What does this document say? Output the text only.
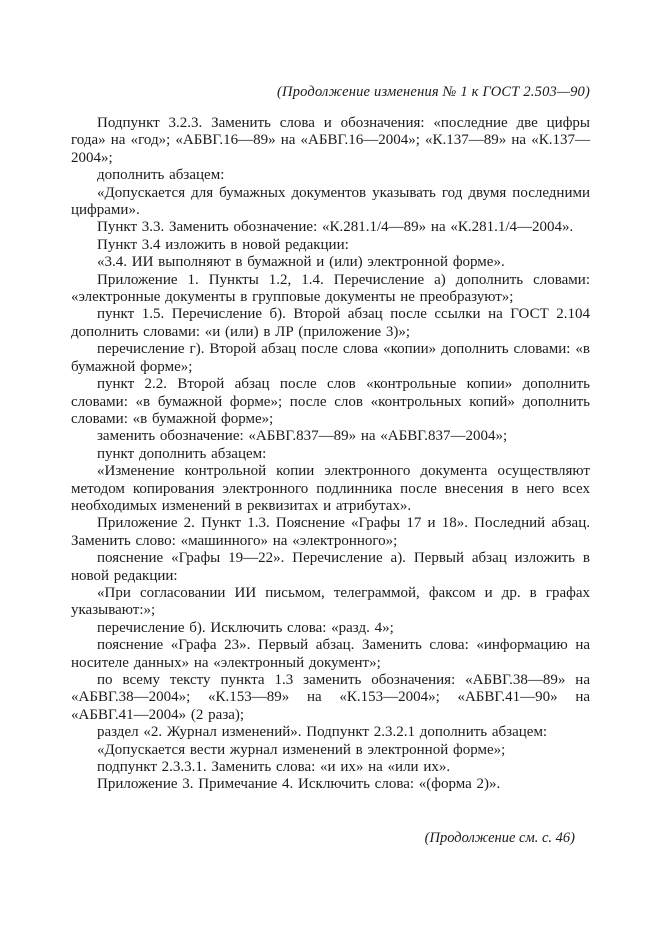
(Продолжение изменения № 1 к ГОСТ 2.503—90)

Подпункт 3.2.3. Заменить слова и обозначения: «последние две цифры года» на «год»; «АБВГ.16—89» на «АБВГ.16—2004»; «К.137—89» на «К.137—2004»;

дополнить абзацем:

«Допускается для бумажных документов указывать год двумя последними цифрами».

Пункт 3.3. Заменить обозначение: «К.281.1/4—89» на «К.281.1/4—2004».

Пункт 3.4 изложить в новой редакции:

«3.4. ИИ выполняют в бумажной и (или) электронной форме».

Приложение 1. Пункты 1.2, 1.4. Перечисление а) дополнить словами: «электронные документы в групповые документы не преобразуют»;

пункт 1.5. Перечисление б). Второй абзац после ссылки на ГОСТ 2.104 дополнить словами: «и (или) в ЛР (приложение 3)»;

перечисление г). Второй абзац после слова «копии» дополнить словами: «в бумажной форме»;

пункт 2.2. Второй абзац после слов «контрольные копии» дополнить словами: «в бумажной форме»; после слов «контрольных копий» дополнить словами: «в бумажной форме»;

заменить обозначение: «АБВГ.837—89» на «АБВГ.837—2004»;

пункт дополнить абзацем:

«Изменение контрольной копии электронного документа осуществляют методом копирования электронного подлинника после внесения в него всех необходимых изменений в реквизитах и атрибутах».

Приложение 2. Пункт 1.3. Пояснение «Графы 17 и 18». Последний абзац. Заменить слово: «машинного» на «электронного»;

пояснение «Графы 19—22». Перечисление а). Первый абзац изложить в новой редакции:

«При согласовании ИИ письмом, телеграммой, факсом и др. в графах указывают:»;

перечисление б). Исключить слова: «разд. 4»;

пояснение «Графа 23». Первый абзац. Заменить слова: «информацию на носителе данных» на «электронный документ»;

по всему тексту пункта 1.3 заменить обозначения: «АБВГ.38—89» на «АБВГ.38—2004»; «К.153—89» на «К.153—2004»; «АБВГ.41—90» на «АБВГ.41—2004» (2 раза);

раздел «2. Журнал изменений». Подпункт 2.3.2.1 дополнить абзацем:

«Допускается вести журнал изменений в электронной форме»;

подпункт 2.3.3.1. Заменить слова: «и их» на «или их».

Приложение 3. Примечание 4. Исключить слова: «(форма 2)».

(Продолжение см. с. 46)
